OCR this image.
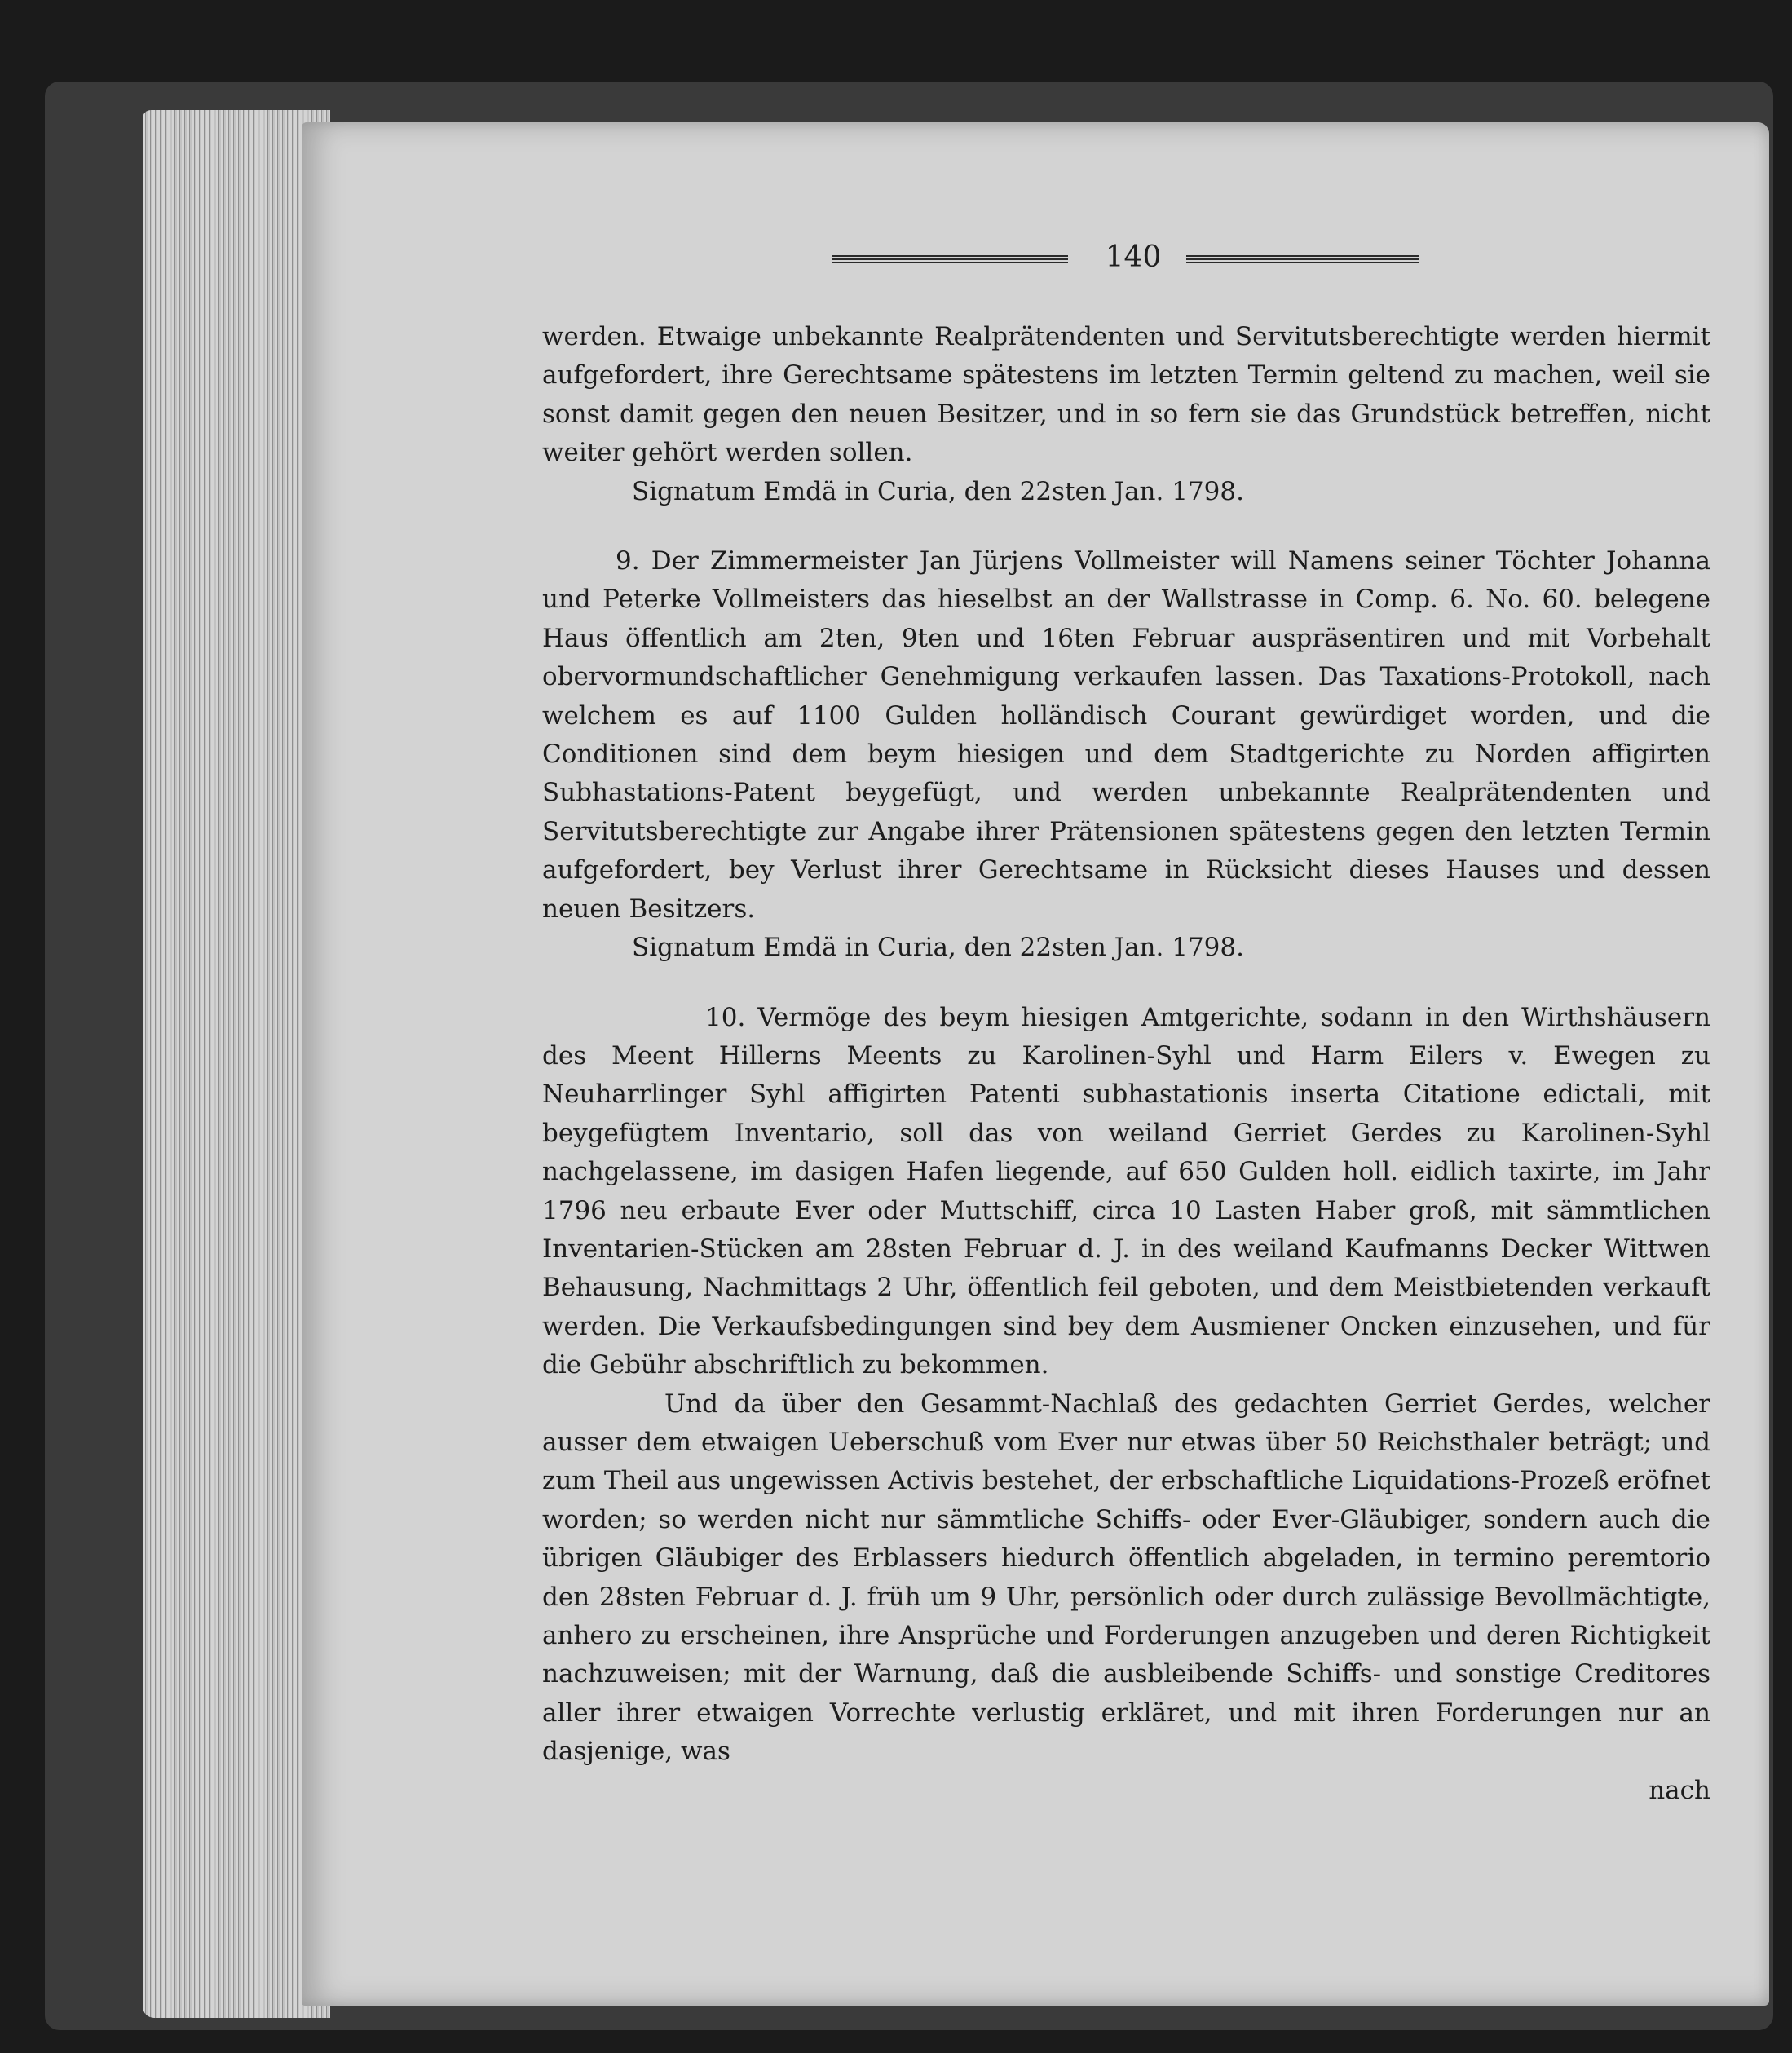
140
werden. Etwaige unbekannte Realprätendenten und Servitutsberechtigte werden hiermit aufgefordert, ihre Gerechtsame spätestens im letzten Termin geltend zu machen, weil sie sonst damit gegen den neuen Besitzer, und in so fern sie das Grundstück betreffen, nicht weiter gehört werden sollen.
Signatum Emdä in Curia, den 22sten Jan. 1798.
9. Der Zimmermeister Jan Jürjens Vollmeister will Namens seiner Töchter Johanna und Peterke Vollmeisters das hieselbst an der Wallstrasse in Comp. 6. No. 60. belegene Haus öffentlich am 2ten, 9ten und 16ten Februar auspräsentiren und mit Vorbehalt obervormundschaftlicher Genehmigung verkaufen lassen. Das Taxations-Protokoll, nach welchem es auf 1100 Gulden holländisch Courant gewürdiget worden, und die Conditionen sind dem beym hiesigen und dem Stadtgerichte zu Norden affigirten Subhastations-Patent beygefügt, und werden unbekannte Realprätendenten und Servitutsberechtigte zur Angabe ihrer Prätensionen spätestens gegen den letzten Termin aufgefordert, bey Verlust ihrer Gerechtsame in Rücksicht dieses Hauses und dessen neuen Besitzers.
Signatum Emdä in Curia, den 22sten Jan. 1798.
10. Vermöge des beym hiesigen Amtgerichte, sodann in den Wirthshäusern des Meent Hillerns Meents zu Karolinen-Syhl und Harm Eilers v. Ewegen zu Neuharrlinger Syhl affigirten Patenti subhastationis inserta Citatione edictali, mit beygefügtem Inventario, soll das von weiland Gerriet Gerdes zu Karolinen-Syhl nachgelassene, im dasigen Hafen liegende, auf 650 Gulden holl. eidlich taxirte, im Jahr 1796 neu erbaute Ever oder Muttschiff, circa 10 Lasten Haber groß, mit sämmtlichen Inventarien-Stücken am 28sten Februar d. J. in des weiland Kaufmanns Decker Wittwen Behausung, Nachmittags 2 Uhr, öffentlich feil geboten, und dem Meistbietenden verkauft werden. Die Verkaufsbedingungen sind bey dem Ausmiener Oncken einzusehen, und für die Gebühr abschriftlich zu bekommen.
Und da über den Gesammt-Nachlaß des gedachten Gerriet Gerdes, welcher ausser dem etwaigen Ueberschuß vom Ever nur etwas über 50 Reichsthaler beträgt; und zum Theil aus ungewissen Activis bestehet, der erbschaftliche Liquidations-Prozeß eröfnet worden; so werden nicht nur sämmtliche Schiffs- oder Ever-Gläubiger, sondern auch die übrigen Gläubiger des Erblassers hiedurch öffentlich abgeladen, in termino peremtorio den 28sten Februar d. J. früh um 9 Uhr, persönlich oder durch zulässige Bevollmächtigte, anhero zu erscheinen, ihre Ansprüche und Forderungen anzugeben und deren Richtigkeit nachzuweisen; mit der Warnung, daß die ausbleibende Schiffs- und sonstige Creditores aller ihrer etwaigen Vorrechte verlustig erkläret, und mit ihren Forderungen nur an dasjenige, was
nach
